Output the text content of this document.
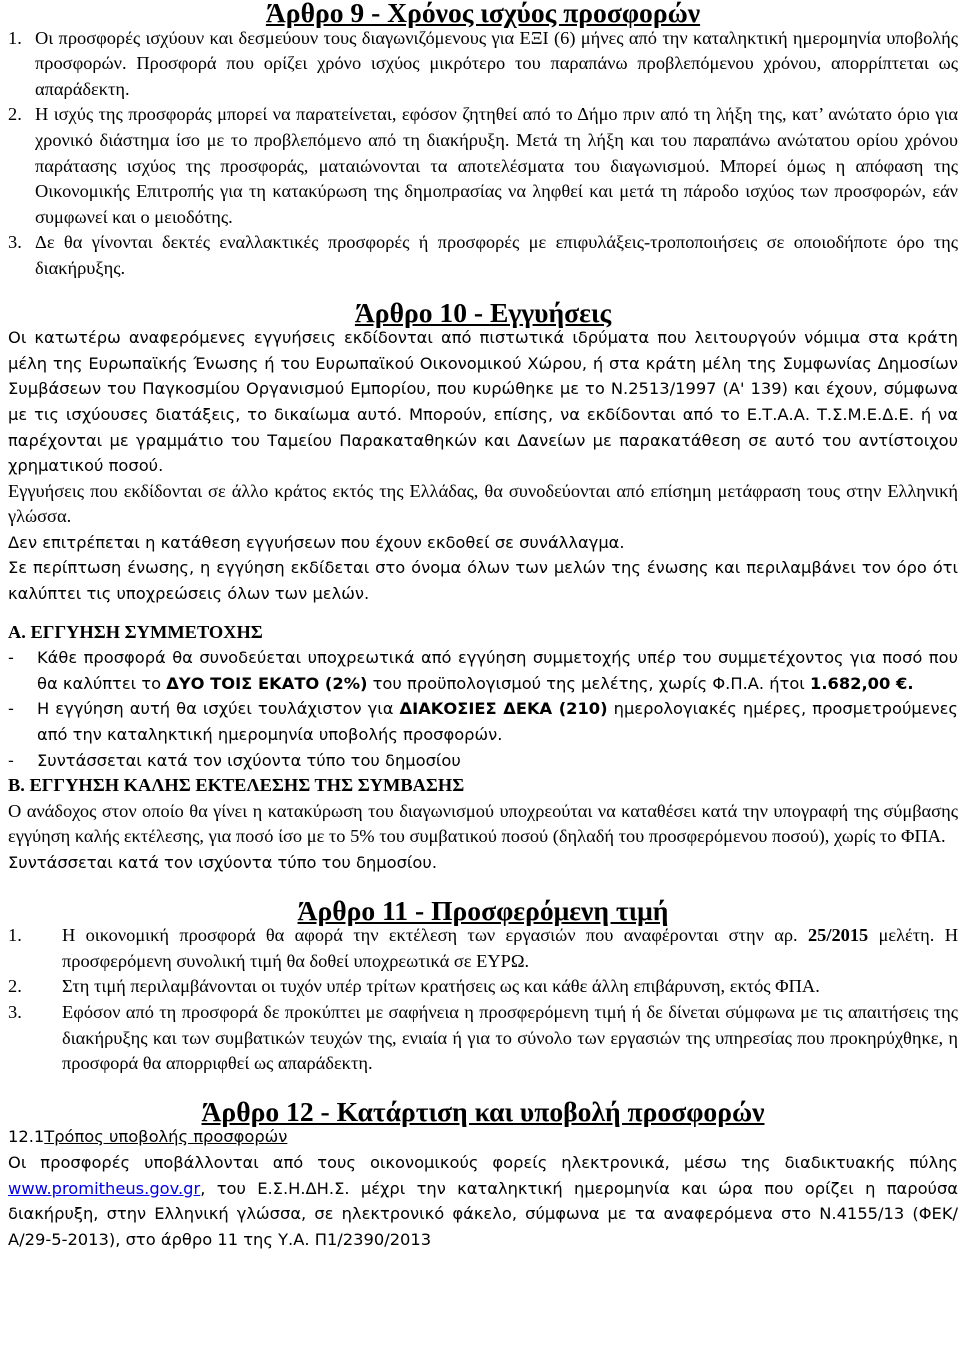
Άρθρο 9 - Χρόνος ισχύος προσφορών
1. Οι προσφορές ισχύουν και δεσμεύουν τους διαγωνιζόμενους για ΕΞΙ (6) μήνες από την καταληκτική ημερομηνία υποβολής προσφορών. Προσφορά που ορίζει χρόνο ισχύος μικρότερο του παραπάνω προβλεπόμενου χρόνου, απορρίπτεται ως απαράδεκτη.
2. Η ισχύς της προσφοράς μπορεί να παρατείνεται, εφόσον ζητηθεί από το Δήμο πριν από τη λήξη της, κατ’ ανώτατο όριο για χρονικό διάστημα ίσο με το προβλεπόμενο από τη διακήρυξη. Μετά τη λήξη και του παραπάνω ανώτατου ορίου χρόνου παράτασης ισχύος της προσφοράς, ματαιώνονται τα αποτελέσματα του διαγωνισμού. Μπορεί όμως η απόφαση της Οικονομικής Επιτροπής για τη κατακύρωση της δημοπρασίας να ληφθεί και μετά τη πάροδο ισχύος των προσφορών, εάν συμφωνεί και ο μειοδότης.
3. Δε θα γίνονται δεκτές εναλλακτικές προσφορές ή προσφορές με επιφυλάξεις-τροποποιήσεις σε οποιοδήποτε όρο της διακήρυξης.
Άρθρο 10 - Εγγυήσεις

Οι κατωτέρω αναφερόμενες εγγυήσεις εκδίδονται από πιστωτικά ιδρύματα που λειτουργούν νόμιμα στα κράτη μέλη της Ευρωπαϊκής Ένωσης ή του Ευρωπαϊκού Οικονομικού Χώρου, ή στα κράτη μέλη της Συμφωνίας Δημοσίων Συμβάσεων του Παγκοσμίου Οργανισμού Εμπορίου, που κυρώθηκε με το Ν.2513/1997 (Α' 139) και έχουν, σύμφωνα με τις ισχύουσες διατάξεις, το δικαίωμα αυτό. Μπορούν, επίσης, να εκδίδονται από το Ε.Τ.Α.Α. Τ.Σ.Μ.Ε.Δ.Ε. ή να παρέχονται με γραμμάτιο του Ταμείου Παρακαταθηκών και Δανείων με παρακατάθεση σε αυτό του αντίστοιχου χρηματικού ποσού.

Εγγυήσεις που εκδίδονται σε άλλο κράτος εκτός της Ελλάδας, θα συνοδεύονται από επίσημη μετάφραση τους στην Ελληνική γλώσσα.

Δεν επιτρέπεται η κατάθεση εγγυήσεων που έχουν εκδοθεί σε συνάλλαγμα.

Σε περίπτωση ένωσης, η εγγύηση εκδίδεται στο όνομα όλων των μελών της ένωσης και περιλαμβάνει τον όρο ότι καλύπτει τις υποχρεώσεις όλων των μελών.

Α. ΕΓΓΥΗΣΗ ΣΥΜΜΕΤΟΧΗΣ

-	Κάθε προσφορά θα συνοδεύεται υποχρεωτικά από εγγύηση συμμετοχής υπέρ του συμμετέχοντος για ποσό που θα καλύπτει το ΔΥΟ ΤΟΙΣ ΕΚΑΤΟ (2%) του προϋπολογισμού της μελέτης, χωρίς Φ.Π.Α. ήτοι 1.682,00 €.
-	Η εγγύηση αυτή θα ισχύει τουλάχιστον για ΔΙΑΚΟΣΙΕΣ ΔΕΚΑ (210) ημερολογιακές ημέρες, προσμετρούμενες από την καταληκτική ημερομηνία υποβολής προσφορών.
-	Συντάσσεται κατά τον ισχύοντα τύπο του δημοσίου

Β. ΕΓΓΥΗΣΗ ΚΑΛΗΣ ΕΚΤΕΛΕΣΗΣ ΤΗΣ ΣΥΜΒΑΣΗΣ

Ο ανάδοχος στον οποίο θα γίνει η κατακύρωση του διαγωνισμού υποχρεούται να καταθέσει κατά την υπογραφή της σύμβασης εγγύηση καλής εκτέλεσης, για ποσό ίσο με το 5% του συμβατικού ποσού (δηλαδή του προσφερόμενου ποσού), χωρίς το ΦΠΑ.

Συντάσσεται κατά τον ισχύοντα τύπο του δημοσίου.

Άρθρο 11 - Προσφερόμενη τιμή
1.	Η οικονομική προσφορά θα αφορά την εκτέλεση των εργασιών που αναφέρονται στην αρ. 25/2015 μελέτη. Η προσφερόμενη συνολική τιμή θα δοθεί υποχρεωτικά σε ΕΥΡΩ.
2.	Στη τιμή περιλαμβάνονται οι τυχόν υπέρ τρίτων κρατήσεις ως και κάθε άλλη επιβάρυνση, εκτός ΦΠΑ.
3.	Εφόσον από τη προσφορά δε προκύπτει με σαφήνεια η προσφερόμενη τιμή ή δε δίνεται σύμφωνα με τις απαιτήσεις της διακήρυξης και των συμβατικών τευχών της, ενιαία ή για το σύνολο των εργασιών της υπηρεσίας που προκηρύχθηκε, η προσφορά θα απορριφθεί ως απαράδεκτη.
Άρθρο 12 - Κατάρτιση και υποβολή προσφορών

12.1Τρόπος υποβολής προσφορών

Οι προσφορές υποβάλλονται από τους οικονομικούς φορείς ηλεκτρονικά, μέσω της διαδικτυακής πύλης www.promitheus.gov.gr, του Ε.Σ.Η.ΔΗ.Σ. μέχρι την καταληκτική ημερομηνία και ώρα που ορίζει η παρούσα διακήρυξη, στην Ελληνική γλώσσα, σε ηλεκτρονικό φάκελο, σύμφωνα με τα αναφερόμενα στο Ν.4155/13 (ΦΕΚ/Α/29-5-2013), στο άρθρο 11 της Υ.Α. Π1/2390/2013
